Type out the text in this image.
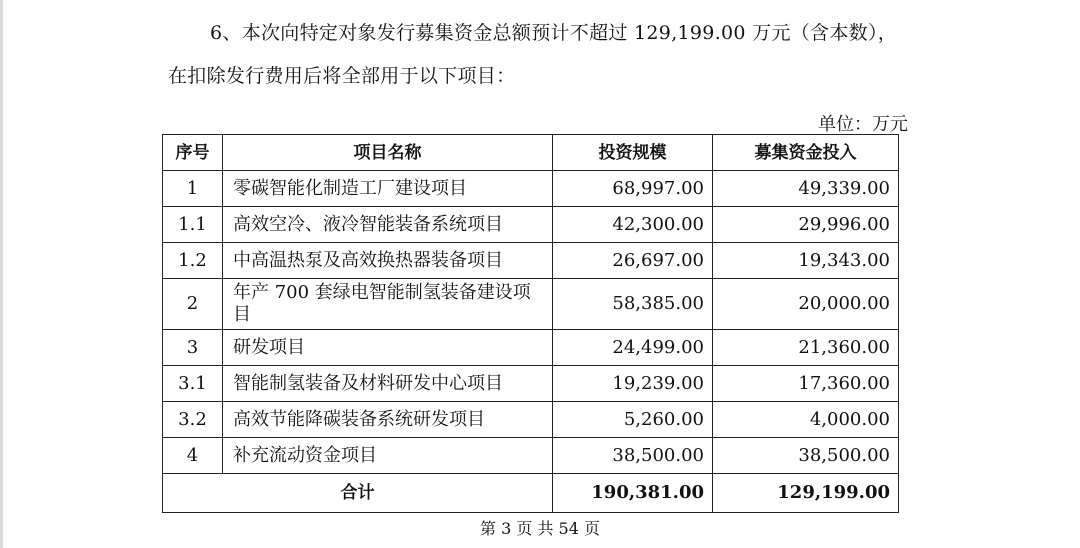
6、本次向特定对象发行募集资金总额预计不超过 129,199.00 万元（含本数），
在扣除发行费用后将全部用于以下项目：
单位：万元
序号	项目名称	投资规模	募集资金投入
1	零碳智能化制造工厂建设项目	68,997.00	49,339.00
1.1	高效空冷、液冷智能装备系统项目	42,300.00	29,996.00
1.2	中高温热泵及高效换热器装备项目	26,697.00	19,343.00
2	年产 700 套绿电智能制氢装备建设项目	58,385.00	20,000.00
3	研发项目	24,499.00	21,360.00
3.1	智能制氢装备及材料研发中心项目	19,239.00	17,360.00
3.2	高效节能降碳装备系统研发项目	5,260.00	4,000.00
4	补充流动资金项目	38,500.00	38,500.00
合计		190,381.00	129,199.00
第 3 页 共 54 页
